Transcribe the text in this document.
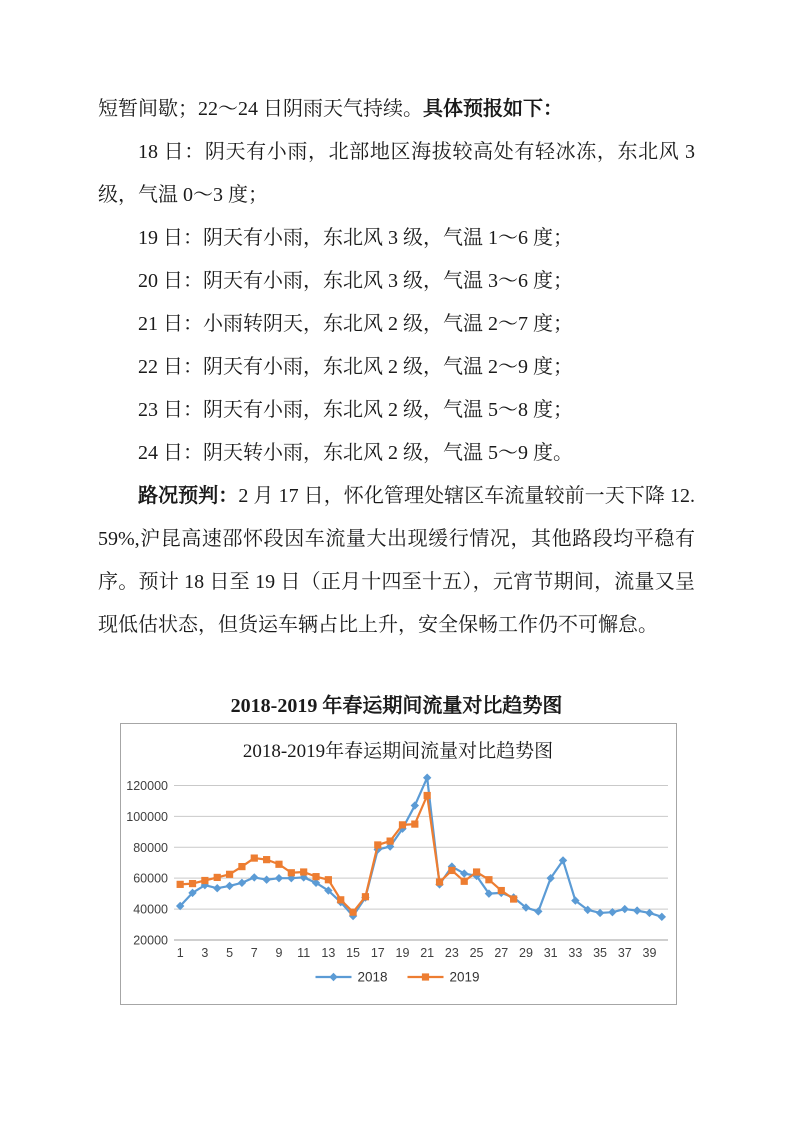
短暂间歇；22～24 日阴雨天气持续。具体预报如下：

18 日：阴天有小雨，北部地区海拔较高处有轻冰冻，东北风 3 级，气温 0～3 度；

19 日：阴天有小雨，东北风 3 级，气温 1～6 度；

20 日：阴天有小雨，东北风 3 级，气温 3～6 度；

21 日：小雨转阴天，东北风 2 级，气温 2～7 度；

22 日：阴天有小雨，东北风 2 级，气温 2～9 度；

23 日：阴天有小雨，东北风 2 级，气温 5～8 度；

24 日：阴天转小雨，东北风 2 级，气温 5～9 度。

路况预判：2 月 17 日，怀化管理处辖区车流量较前一天下降 12.59%,沪昆高速邵怀段因车流量大出现缓行情况，其他路段均平稳有序。预计 18 日至 19 日（正月十四至十五），元宵节期间，流量又呈现低估状态，但货运车辆占比上升，安全保畅工作仍不可懈怠。

2018-2019 年春运期间流量对比趋势图
2018-2019年春运期间流量对比趋势图
20000
40000
60000
80000
100000
120000
1 3 5 7 9 11 13 15 17 19 21 23 25 27 29 31 33 35 37 39
2018	2019
